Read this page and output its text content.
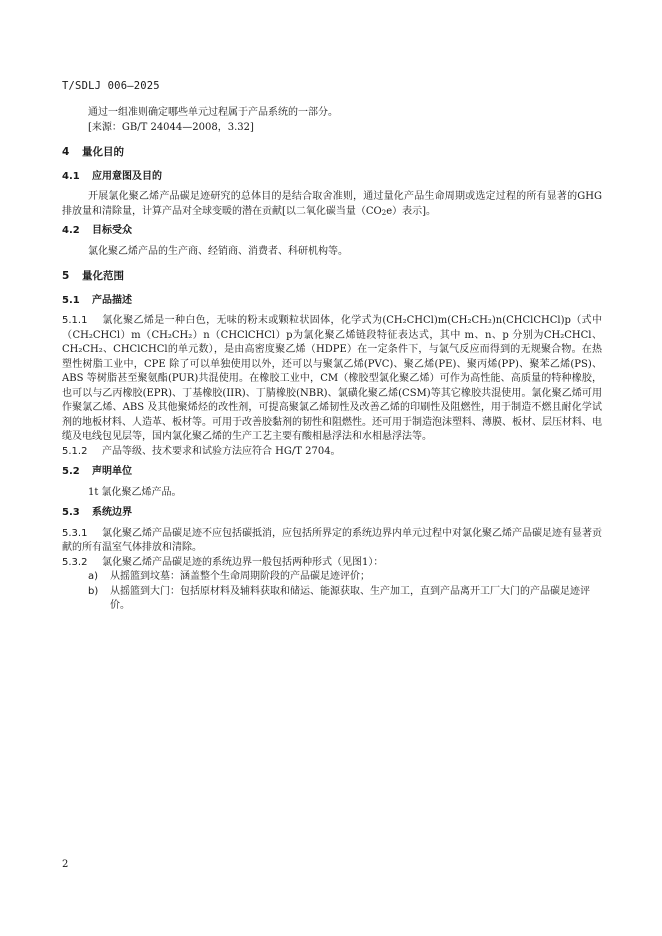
T/SDLJ 006—2025

通过一组准则确定哪些单元过程属于产品系统的一部分。

[来源：GB/T 24044—2008，3.32]

4 量化目的

4.1 应用意图及目的

开展氯化聚乙烯产品碳足迹研究的总体目的是结合取舍准则，通过量化产品生命周期或选定过程的所有显著的GHG排放量和清除量，计算产品对全球变暖的潜在贡献[以二氧化碳当量（CO2e）表示]。

4.2 目标受众

氯化聚乙烯产品的生产商、经销商、消费者、科研机构等。

5 量化范围

5.1 产品描述

5.1.1 氯化聚乙烯是一种白色，无味的粉末或颗粒状固体，化学式为(CH₂CHCl)m(CH₂CH₂)n(CHClCHCl)p（式中（CH₂CHCl）m（CH₂CH₂）n（CHClCHCl）p为氯化聚乙烯链段特征表达式，其中 m、n、p 分别为CH₂CHCl、CH₂CH₂、CHClCHCl的单元数），是由高密度聚乙烯（HDPE）在一定条件下，与氯气反应而得到的无规聚合物。在热塑性树脂工业中，CPE 除了可以单独使用以外，还可以与聚氯乙烯(PVC)、聚乙烯(PE)、聚丙烯(PP)、聚苯乙烯(PS)、ABS 等树脂甚至聚氨酯(PUR)共混使用。在橡胶工业中，CM（橡胶型氯化聚乙烯）可作为高性能、高质量的特种橡胶，也可以与乙丙橡胶(EPR)、丁基橡胶(IIR)、丁腈橡胶(NBR)、氯磺化聚乙烯(CSM)等其它橡胶共混使用。氯化聚乙烯可用作聚氯乙烯、ABS 及其他聚烯烃的改性剂，可提高聚氯乙烯韧性及改善乙烯的印刷性及阻燃性，用于制造不燃且耐化学试剂的地板材料、人造革、板材等。可用于改善胶黏剂的韧性和阻燃性。还可用于制造泡沫塑料、薄膜、板材、层压材料、电缆及电线包见层等，国内氯化聚乙烯的生产工艺主要有酸相悬浮法和水相悬浮法等。

5.1.2 产品等级、技术要求和试验方法应符合 HG/T 2704。

5.2 声明单位

1t 氯化聚乙烯产品。

5.3 系统边界

5.3.1 氯化聚乙烯产品碳足迹不应包括碳抵消，应包括所界定的系统边界内单元过程中对氯化聚乙烯产品碳足迹有显著贡献的所有温室气体排放和清除。

5.3.2 氯化聚乙烯产品碳足迹的系统边界一般包括两种形式（见图1）：

a) 从摇篮到坟墓：涵盖整个生命周期阶段的产品碳足迹评价；

b) 从摇篮到大门：包括原材料及辅料获取和储运、能源获取、生产加工，直到产品离开工厂大门的产品碳足迹评价。

2
